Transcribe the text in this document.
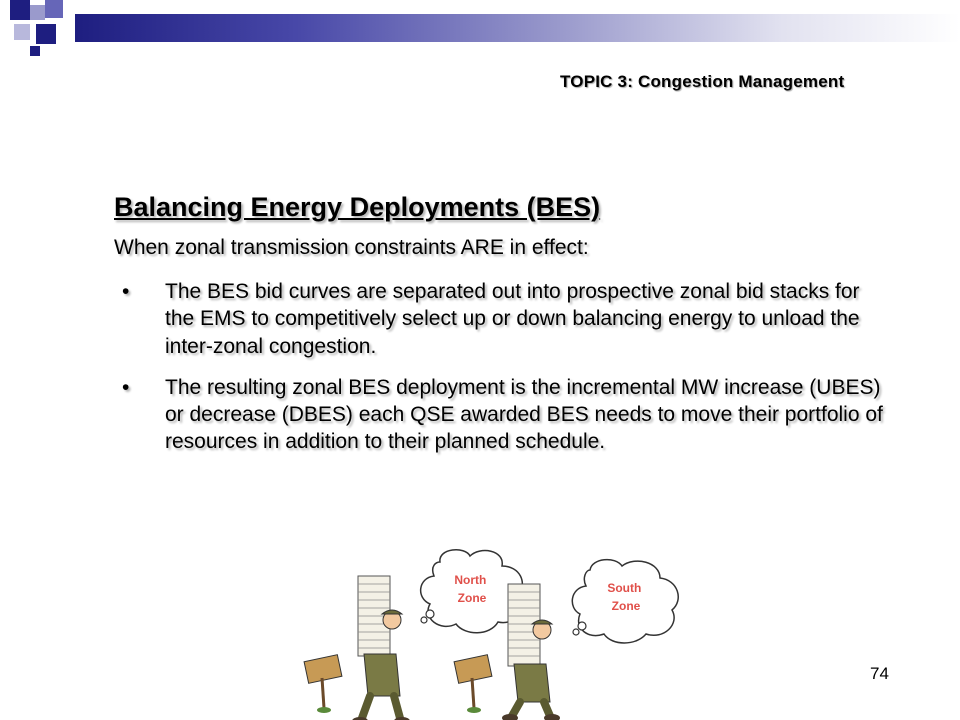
TOPIC 3: Congestion Management
Balancing Energy Deployments (BES)
When zonal transmission constraints ARE in effect:
• The BES bid curves are separated out into prospective zonal bid stacks for the EMS to competitively select up or down balancing energy to unload the inter-zonal congestion.
• The resulting zonal BES deployment is the incremental MW increase (UBES) or decrease (DBES) each QSE awarded BES needs to move their portfolio of resources in addition to their planned schedule.
North Zone
South Zone
74
